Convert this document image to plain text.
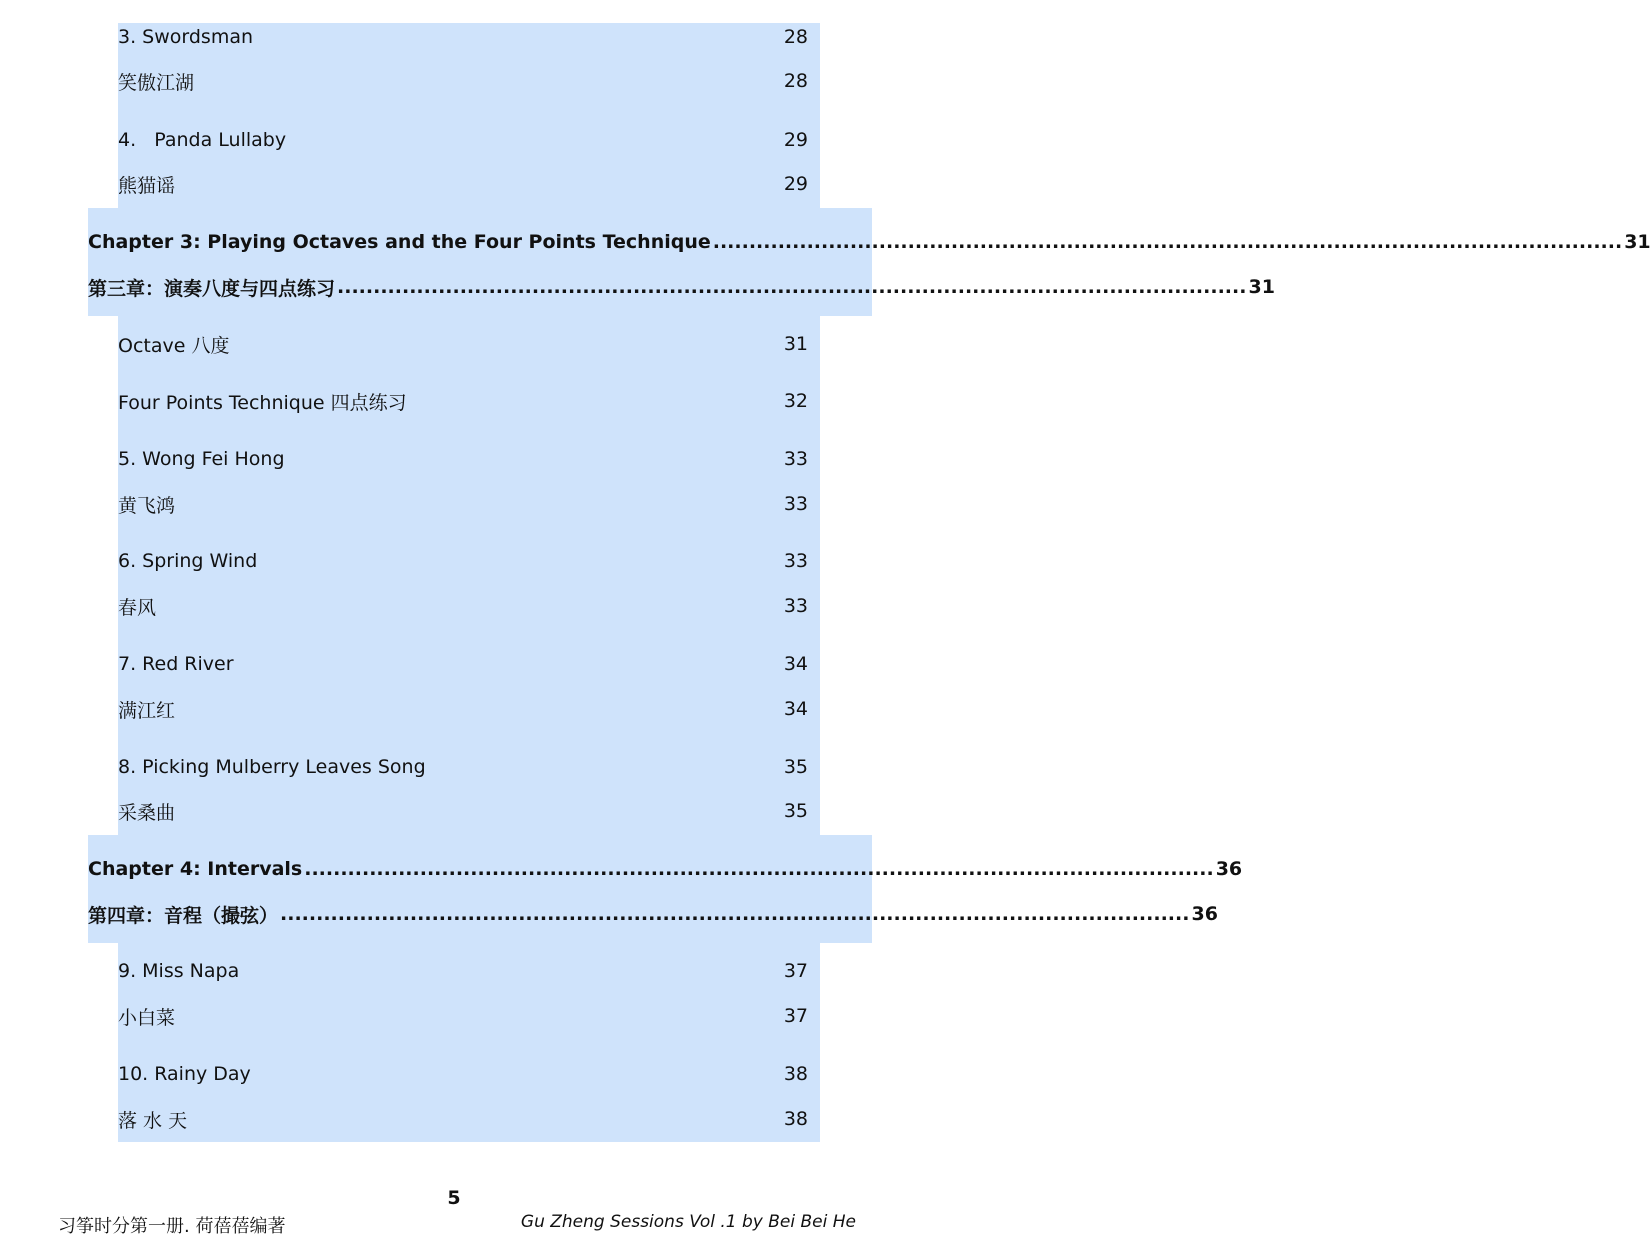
3. Swordsman	28
笑傲江湖	28
4.   Panda Lullaby	29
熊猫谣	29
Chapter 3: Playing Octaves and the Four Points Technique .............................................................................................................................. 31
第三章：演奏八度与四点练习 .............................................................................................................................. 31
Octave 八度	31
Four Points Technique 四点练习	32
5. Wong Fei Hong	33
黄飞鸿	33
6. Spring Wind	33
春风	33
7. Red River	34
满江红	34
8. Picking Mulberry Leaves Song	35
采桑曲	35
Chapter 4: Intervals .............................................................................................................................. 36
第四章：音程（撮弦） .............................................................................................................................. 36
9. Miss Napa	37
小白菜	37
10. Rainy Day	38
落 水 天	38
5
习筝时分第一册. 荷蓓蓓编著	Gu Zheng Sessions Vol .1 by Bei Bei He
